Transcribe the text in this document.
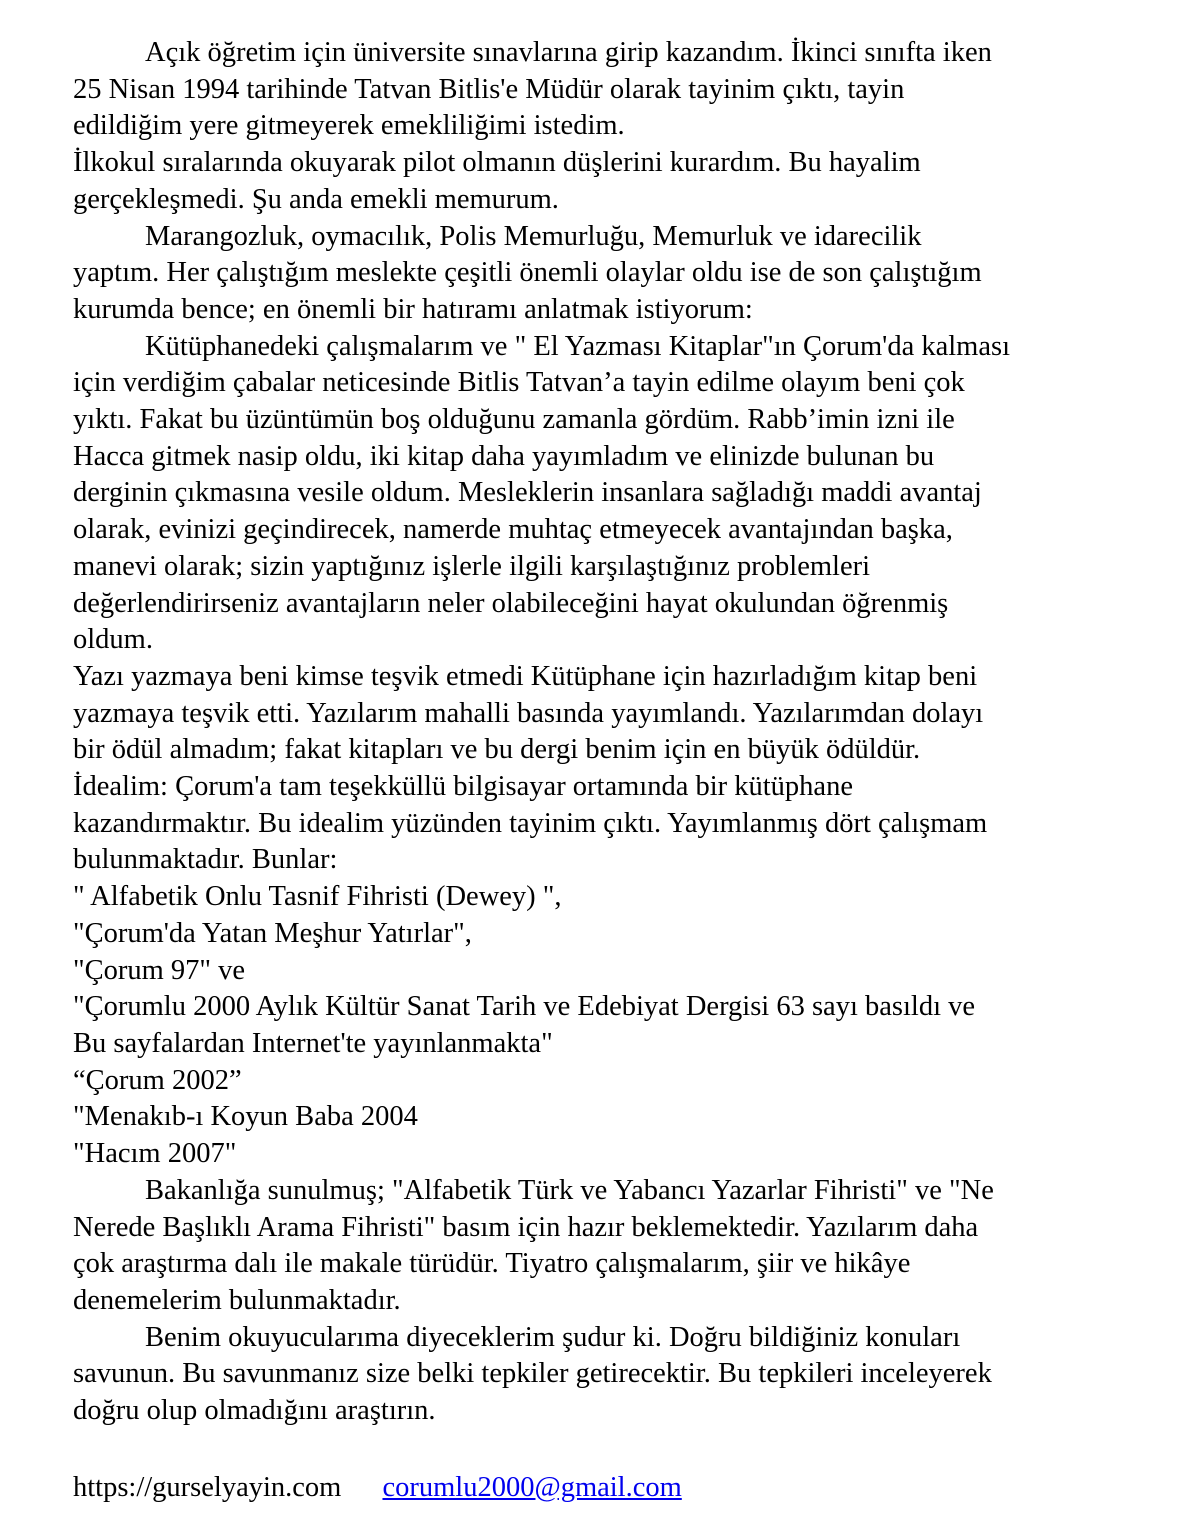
Açık öğretim için üniversite sınavlarına girip kazandım. İkinci sınıfta iken
25 Nisan 1994 tarihinde Tatvan Bitlis'e Müdür olarak tayinim çıktı, tayin
edildiğim yere gitmeyerek emekliliğimi istedim.
İlkokul sıralarında okuyarak pilot olmanın düşlerini kurardım. Bu hayalim
gerçekleşmedi. Şu anda emekli memurum.
Marangozluk, oymacılık, Polis Memurluğu, Memurluk ve idarecilik
yaptım. Her çalıştığım meslekte çeşitli önemli olaylar oldu ise de son çalıştığım
kurumda bence; en önemli bir hatıramı anlatmak istiyorum:
Kütüphanedeki çalışmalarım ve " El Yazması Kitaplar"ın Çorum'da kalması
için verdiğim çabalar neticesinde Bitlis Tatvan’a tayin edilme olayım beni çok
yıktı. Fakat bu üzüntümün boş olduğunu zamanla gördüm. Rabb’imin izni ile
Hacca gitmek nasip oldu, iki kitap daha yayımladım ve elinizde bulunan bu
derginin çıkmasına vesile oldum. Mesleklerin insanlara sağladığı maddi avantaj
olarak, evinizi geçindirecek, namerde muhtaç etmeyecek avantajından başka,
manevi olarak; sizin yaptığınız işlerle ilgili karşılaştığınız problemleri
değerlendirirseniz avantajların neler olabileceğini hayat okulundan öğrenmiş
oldum.
Yazı yazmaya beni kimse teşvik etmedi Kütüphane için hazırladığım kitap beni
yazmaya teşvik etti. Yazılarım mahalli basında yayımlandı. Yazılarımdan dolayı
bir ödül almadım; fakat kitapları ve bu dergi benim için en büyük ödüldür.
İdealim: Çorum'a tam teşekküllü bilgisayar ortamında bir kütüphane
kazandırmaktır. Bu idealim yüzünden tayinim çıktı. Yayımlanmış dört çalışmam
bulunmaktadır. Bunlar:
" Alfabetik Onlu Tasnif Fihristi (Dewey) ",
"Çorum'da Yatan Meşhur Yatırlar",
"Çorum 97" ve
"Çorumlu 2000 Aylık Kültür Sanat Tarih ve Edebiyat Dergisi 63 sayı basıldı ve
Bu sayfalardan Internet'te yayınlanmakta"
“Çorum 2002”
"Menakıb-ı Koyun Baba 2004
"Hacım 2007"
Bakanlığa sunulmuş; "Alfabetik Türk ve Yabancı Yazarlar Fihristi" ve "Ne
Nerede Başlıklı Arama Fihristi" basım için hazır beklemektedir. Yazılarım daha
çok araştırma dalı ile makale türüdür. Tiyatro çalışmalarım, şiir ve hikâye
denemelerim bulunmaktadır.
Benim okuyucularıma diyeceklerim şudur ki. Doğru bildiğiniz konuları
savunun. Bu savunmanız size belki tepkiler getirecektir. Bu tepkileri inceleyerek
doğru olup olmadığını araştırın.
https://gurselyayin.com corumlu2000@gmail.com
